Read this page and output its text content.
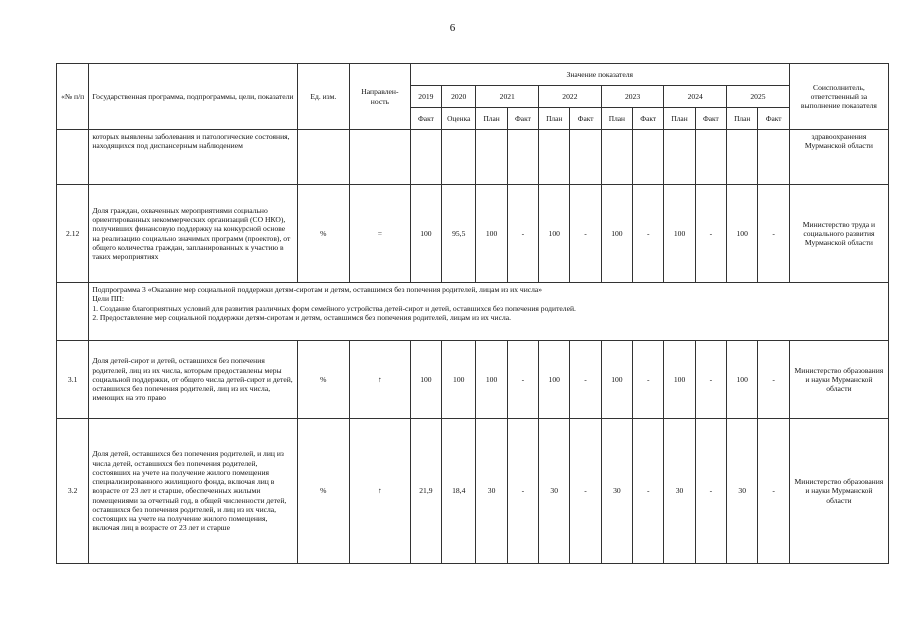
6
«№ п/п	Государственная программа, подпрограммы, цели, показатели	Ед. изм.	Направлен- ность	Значение показателя												Соисполнитель, ответственный за выполнение показателя
				2019	2020	2021		2022		2023		2024		2025		
				Факт	Оценка	План	Факт	План	Факт	План	Факт	План	Факт	План	Факт	
	которых выявлены заболевания и патологические состояния, находящихся под диспансерным наблюдением															здравоохранения Мурманской области
2.12	Доля граждан, охваченных мероприятиями социально ориентированных некоммерческих организаций (СО НКО), получивших финансовую поддержку на конкурсной основе на реализацию социально значимых программ (проектов), от общего количества граждан, запланированных к участию в таких мероприятиях	%	=	100	95,5	100	-	100	-	100	-	100	-	100	-	Министерство труда и социального развития Мурманской области

	Подпрограмма 3 «Оказание мер социальной поддержки детям-сиротам и детям, оставшимся без попечения родителей, лицам из их числа»
Цели ПП:
1. Создание благоприятных условий для развития различных форм семейного устройства детей-сирот и детей, оставшихся без попечения родителей.
2. Предоставление мер социальной поддержки детям-сиротам и детям, оставшимся без попечения родителей, лицам из их числа.															

3.1	Доля детей-сирот и детей, оставшихся без попечения родителей, лиц из их числа, которым предоставлены меры социальной поддержки, от общего числа детей-сирот и детей, оставшихся без попечения родителей, лиц из их числа, имеющих на это право	%	↑	100	100	100	-	100	-	100	-	100	-	100	-	Министерство образования и науки Мурманской области
3.2	Доля детей, оставшихся без попечения родителей, и лиц из числа детей, оставшихся без попечения родителей, состоявших на учете на получение жилого помещения специализированного жилищного фонда, включая лиц в возрасте от 23 лет и старше, обеспеченных жилыми помещениями за отчетный год, в общей численности детей, оставшихся без попечения родителей, и лиц из их числа, состоящих на учете на получение жилого помещения, включая лиц в возрасте от 23 лет и старше	%	↑	21,9	18,4	30	-	30	-	30	-	30	-	30	-	Министерство образования и науки Мурманской области
